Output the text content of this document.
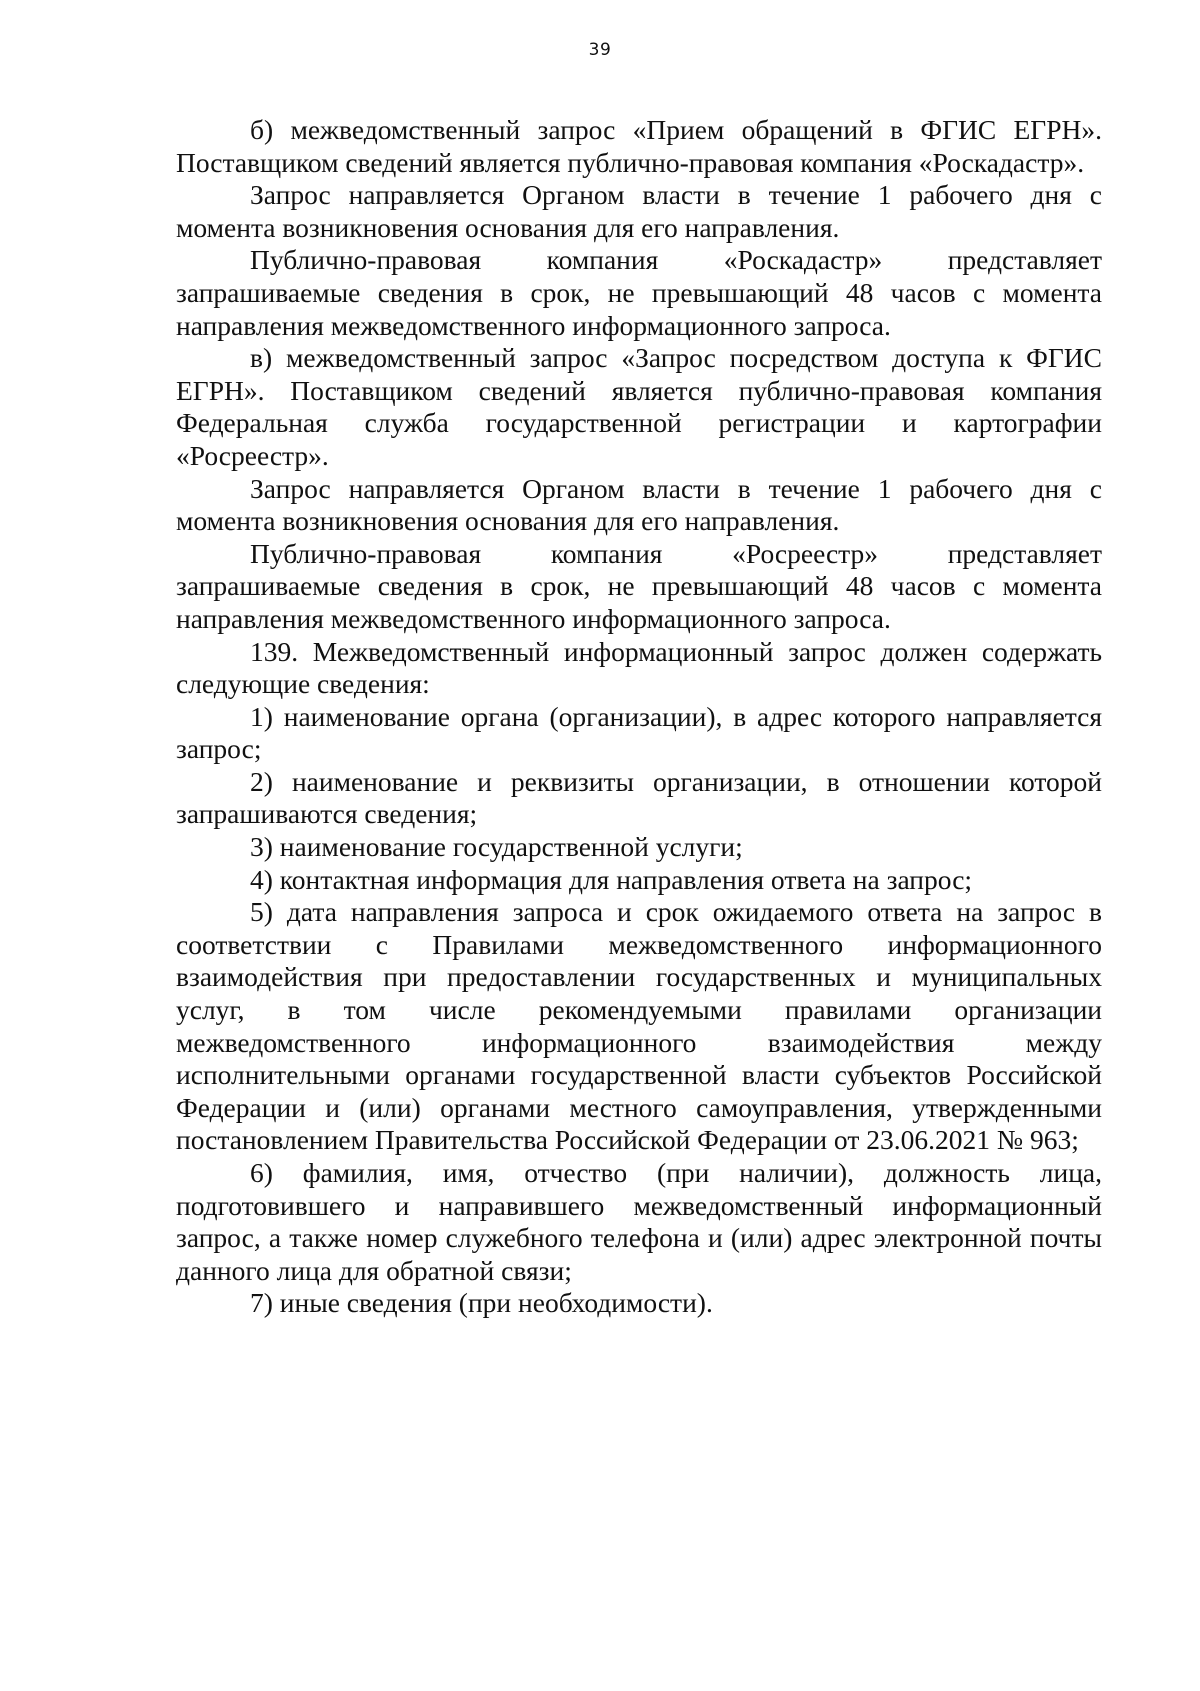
39

б) межведомственный запрос «Прием обращений в ФГИС ЕГРН». Поставщиком сведений является публично-правовая компания «Роскадастр».

Запрос направляется Органом власти в течение 1 рабочего дня с момента возникновения основания для его направления.

Публично-правовая компания «Роскадастр» представляет запрашиваемые сведения в срок, не превышающий 48 часов с момента направления межведомственного информационного запроса.

в) межведомственный запрос «Запрос посредством доступа к ФГИС ЕГРН». Поставщиком сведений является публично-правовая компания Федеральная служба государственной регистрации и картографии «Росреестр».

Запрос направляется Органом власти в течение 1 рабочего дня с момента возникновения основания для его направления.

Публично-правовая компания «Росреестр» представляет запрашиваемые сведения в срок, не превышающий 48 часов с момента направления межведомственного информационного запроса.

139. Межведомственный информационный запрос должен содержать следующие сведения:

1) наименование органа (организации), в адрес которого направляется запрос;

2) наименование и реквизиты организации, в отношении которой запрашиваются сведения;

3) наименование государственной услуги;

4) контактная информация для направления ответа на запрос;

5) дата направления запроса и срок ожидаемого ответа на запрос в соответствии с Правилами межведомственного информационного взаимодействия при предоставлении государственных и муниципальных услуг, в том числе рекомендуемыми правилами организации межведомственного информационного взаимодействия между исполнительными органами государственной власти субъектов Российской Федерации и (или) органами местного самоуправления, утвержденными постановлением Правительства Российской Федерации от 23.06.2021 № 963;

6) фамилия, имя, отчество (при наличии), должность лица, подготовившего и направившего межведомственный информационный запрос, а также номер служебного телефона и (или) адрес электронной почты данного лица для обратной связи;

7) иные сведения (при необходимости).
